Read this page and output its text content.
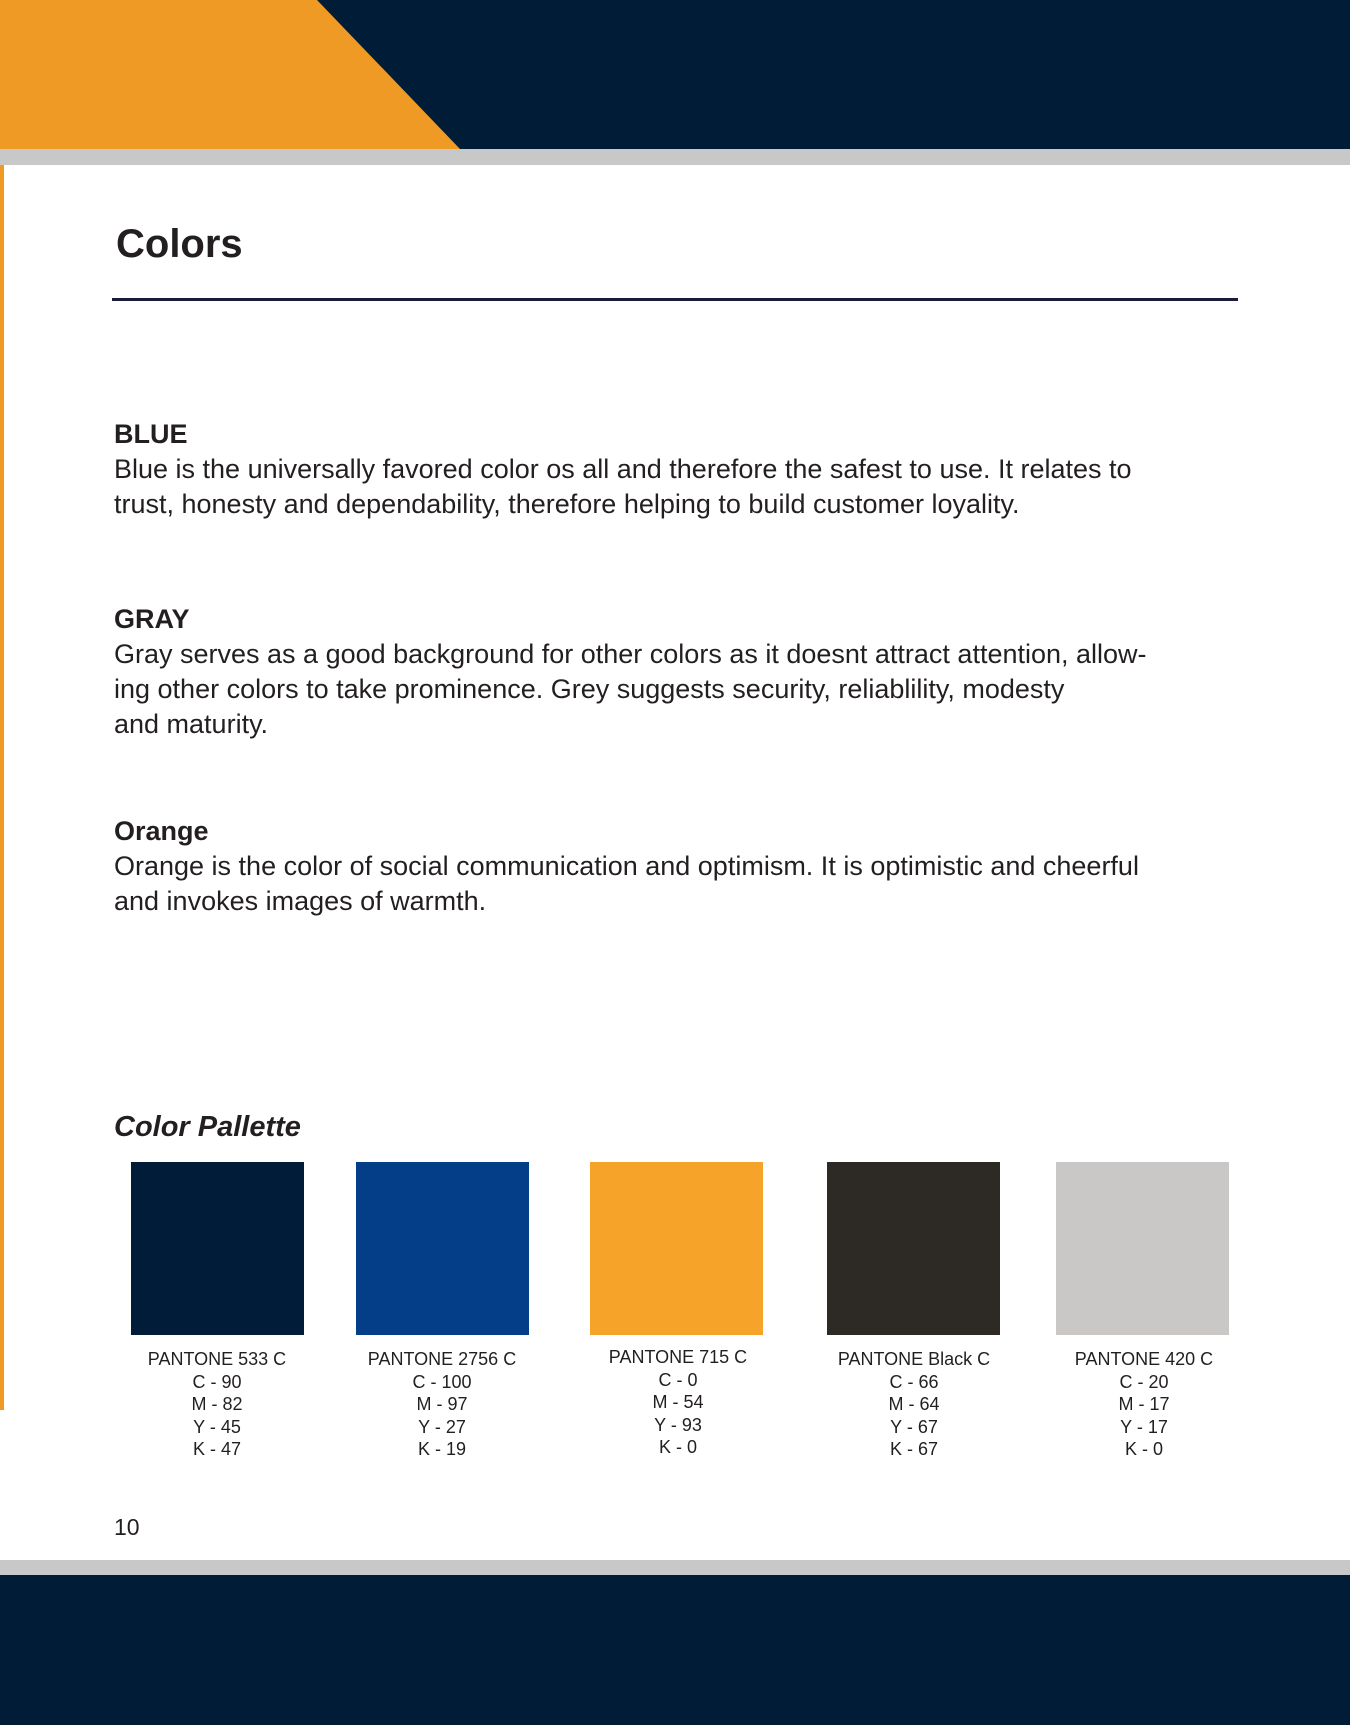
Colors
BLUE

Blue is the universally favored color os all and therefore the safest to use. It relates to

trust, honesty and dependability, therefore helping to build customer loyality.

GRAY

Gray serves as a good background for other colors as it doesnt attract attention, allow-

ing other colors to take prominence. Grey suggests security, reliablility, modesty

and maturity.

Orange

Orange is the color of social communication and optimism. It is optimistic and cheerful

and invokes images of warmth.

Color Pallette
PANTONE 533 C
C - 90
M - 82
Y - 45
K - 47
PANTONE 2756 C
C - 100
M - 97
Y - 27
K - 19
PANTONE 715 C
C - 0
M - 54
Y - 93
K - 0
PANTONE Black C
C - 66
M - 64
Y - 67
K - 67
PANTONE 420 C
C - 20
M - 17
Y - 17
K - 0
10
